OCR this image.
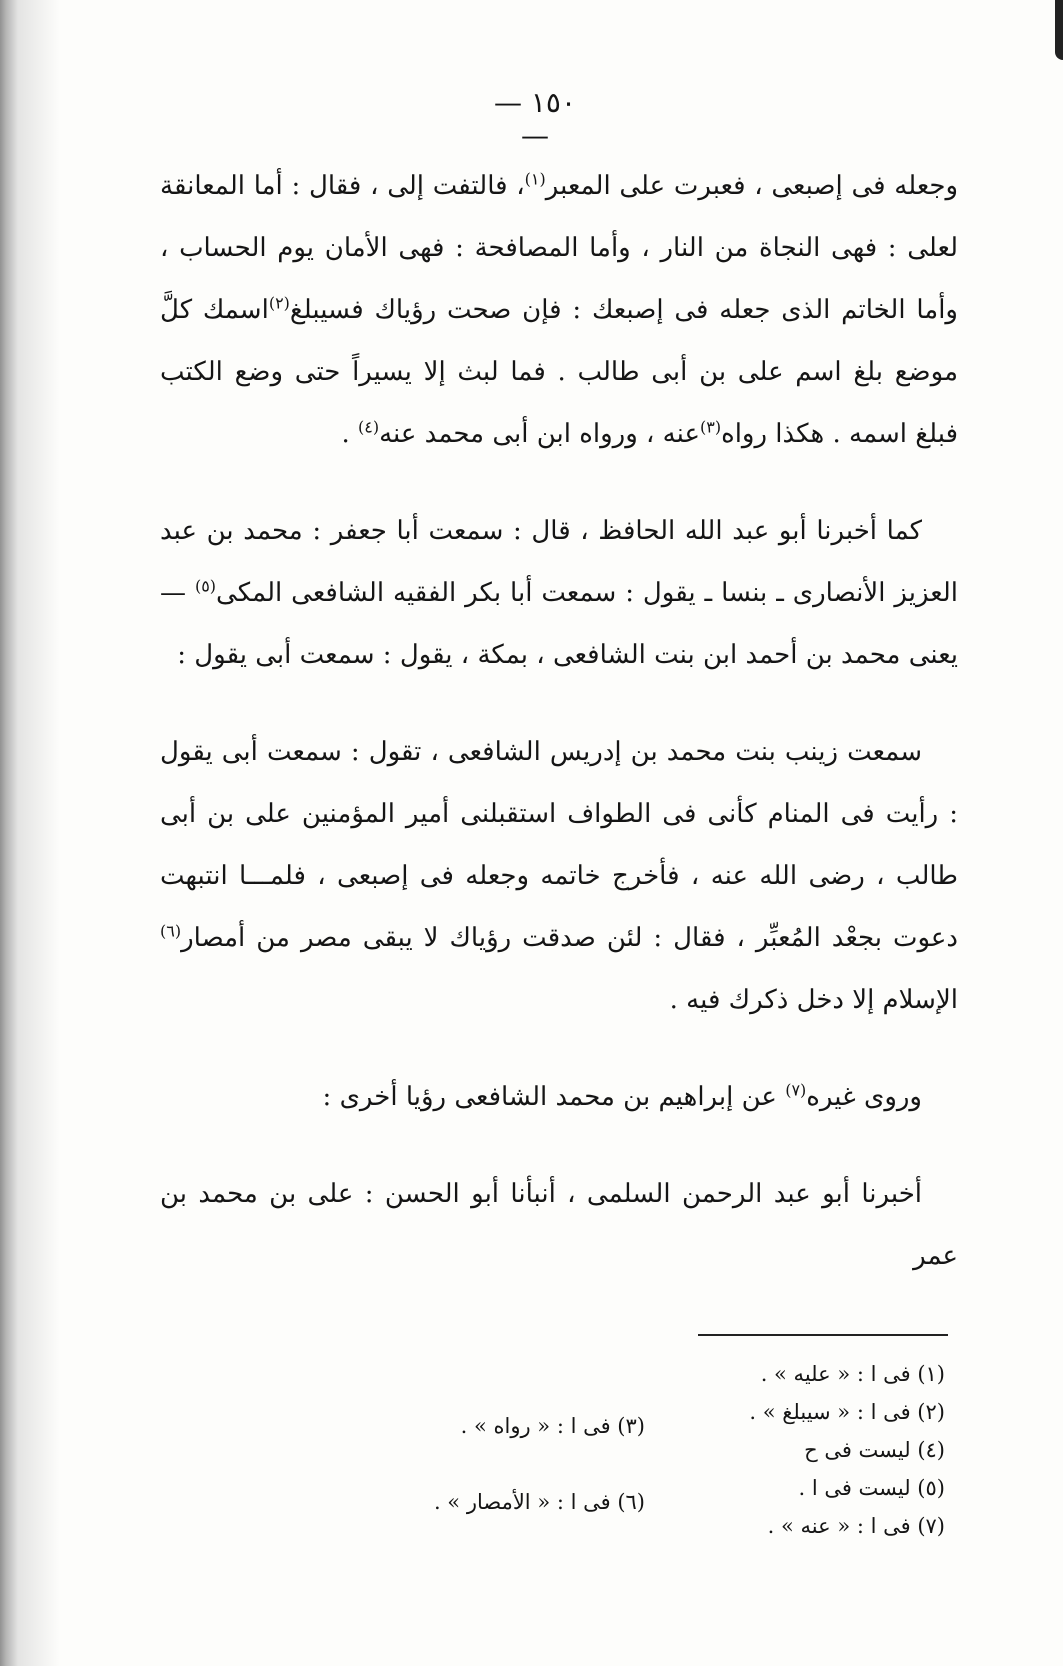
— ١٥٠ —

وجعله فى إصبعى ، فعبرت على المعبر$^{(١)}$، فالتفت إلى ، فقال : أما المعانقة لعلى : فهى النجاة من النار ، وأما المصافحة : فهى الأمان يوم الحساب ، وأما الخاتم الذى جعله فى إصبعك : فإن صحت رؤياك فسيبلغ$^{(٢)}$اسمك كلَّ موضع بلغ اسم على بن أبى طالب . فما لبث إلا يسيراً حتى وضع الكتب فبلغ اسمه . هكذا رواه$^{(٣)}$عنه ، ورواه ابن أبى محمد عنه$^{(٤)}$ .

كما أخبرنا أبو عبد الله الحافظ ، قال : سمعت أبا جعفر : محمد بن عبد العزيز الأنصارى ـ بنسا ـ يقول : سمعت أبا بكر الفقيه الشافعى المكى$^{(٥)}$ — يعنى محمد بن أحمد ابن بنت الشافعى ، بمكة ، يقول : سمعت أبى يقول :

سمعت زينب بنت محمد بن إدريس الشافعى ، تقول : سمعت أبى يقول : رأيت فى المنام كأنى فى الطواف استقبلنى أمير المؤمنين على بن أبى طالب ، رضى الله عنه ، فأخرج خاتمه وجعله فى إصبعى ، فلمـــا انتبهت دعوت بجعْد المُعبِّر ، فقال : لئن صدقت رؤياك لا يبقى مصر من أمصار$^{(٦)}$ الإسلام إلا دخل ذكرك فيه .

وروى غيره$^{(٧)}$ عن إبراهيم بن محمد الشافعى رؤيا أخرى :

أخبرنا أبو عبد الرحمن السلمى ، أنبأنا أبو الحسن : على بن محمد بن عمر

(١) فى ا : « عليه » .
(٢) فى ا : « سيبلغ » .
(٣) فى ا : « رواه » .
(٤) ليست فى ح
(٥) ليست فى ا .
(٦) فى ا : « الأمصار » .
(٧) فى ا : « عنه » .
